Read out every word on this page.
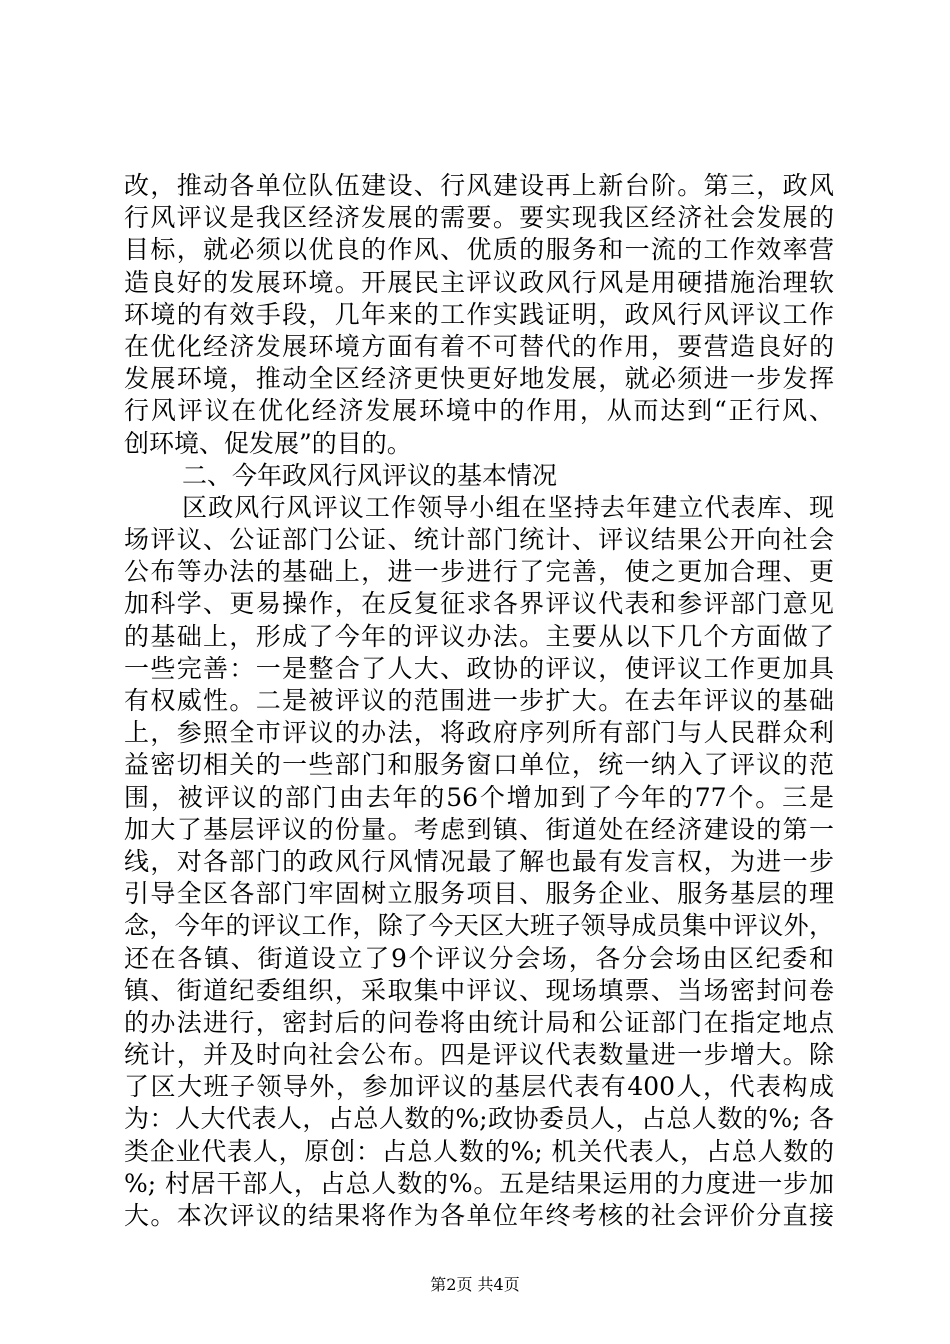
改，推动各单位队伍建设、行风建设再上新台阶。第三，政风
行风评议是我区经济发展的需要。要实现我区经济社会发展的
目标，就必须以优良的作风、优质的服务和一流的工作效率营
造良好的发展环境。开展民主评议政风行风是用硬措施治理软
环境的有效手段，几年来的工作实践证明，政风行风评议工作
在优化经济发展环境方面有着不可替代的作用，要营造良好的
发展环境，推动全区经济更快更好地发展，就必须进一步发挥
行风评议在优化经济发展环境中的作用，从而达到“正行风、
创环境、促发展”的目的。
二、今年政风行风评议的基本情况
区政风行风评议工作领导小组在坚持去年建立代表库、现
场评议、公证部门公证、统计部门统计、评议结果公开向社会
公布等办法的基础上，进一步进行了完善，使之更加合理、更
加科学、更易操作，在反复征求各界评议代表和参评部门意见
的基础上，形成了今年的评议办法。主要从以下几个方面做了
一些完善：一是整合了人大、政协的评议，使评议工作更加具
有权威性。二是被评议的范围进一步扩大。在去年评议的基础
上，参照全市评议的办法，将政府序列所有部门与人民群众利
益密切相关的一些部门和服务窗口单位，统一纳入了评议的范
围，被评议的部门由去年的56个增加到了今年的77个。三是
加大了基层评议的份量。考虑到镇、街道处在经济建设的第一
线，对各部门的政风行风情况最了解也最有发言权，为进一步
引导全区各部门牢固树立服务项目、服务企业、服务基层的理
念，今年的评议工作，除了今天区大班子领导成员集中评议外，
还在各镇、街道设立了9个评议分会场，各分会场由区纪委和
镇、街道纪委组织，采取集中评议、现场填票、当场密封问卷
的办法进行，密封后的问卷将由统计局和公证部门在指定地点
统计，并及时向社会公布。四是评议代表数量进一步增大。除
了区大班子领导外，参加评议的基层代表有400人，代表构成
为：人大代表人，占总人数的%;政协委员人，占总人数的%; 各
类企业代表人，原创：占总人数的%; 机关代表人，占总人数的
%; 村居干部人，占总人数的%。五是结果运用的力度进一步加
大。本次评议的结果将作为各单位年终考核的社会评价分直接
第2页 共4页
